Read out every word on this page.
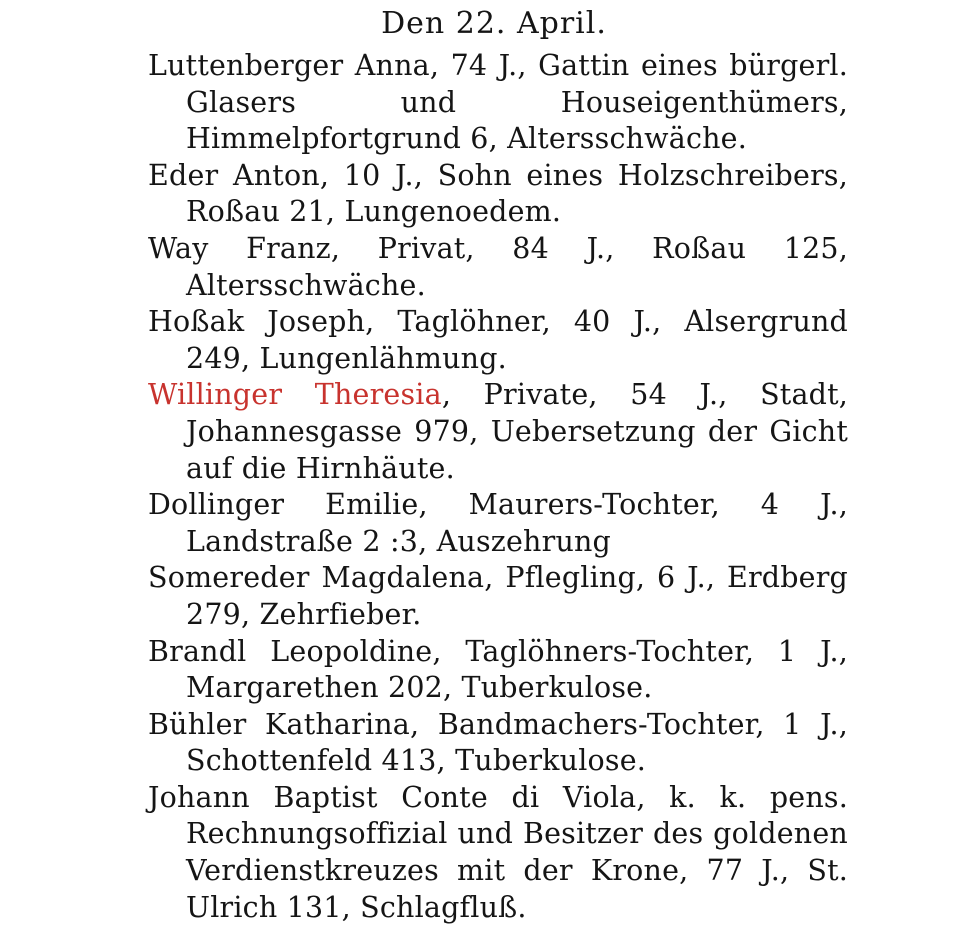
Den 22. April.

Luttenberger Anna, 74 J., Gattin eines bürgerl. Glasers und Houseigenthümers, Himmelpfortgrund 6, Altersschwäche.

Eder Anton, 10 J., Sohn eines Holzschreibers, Roßau 21, Lungenoedem.

Way Franz, Privat, 84 J., Roßau 125, Altersschwäche.

Hoßak Joseph, Taglöhner, 40 J., Alsergrund 249, Lungenlähmung.

Willinger Theresia, Private, 54 J., Stadt, Johannesgasse 979, Uebersetzung der Gicht auf die Hirnhäute.

Dollinger Emilie, Maurers-Tochter, 4 J., Landstraße 2 :3, Auszehrung

Somereder Magdalena, Pflegling, 6 J., Erdberg 279, Zehrfieber.

Brandl Leopoldine, Taglöhners-Tochter, 1 J., Margarethen 202, Tuberkulose.

Bühler Katharina, Bandmachers-Tochter, 1 J., Schottenfeld 413, Tuberkulose.

Johann Baptist Conte di Viola, k. k. pens. Rechnungsoffizial und Besitzer des goldenen Verdienstkreuzes mit der Krone, 77 J., St. Ulrich 131, Schlagfluß.
